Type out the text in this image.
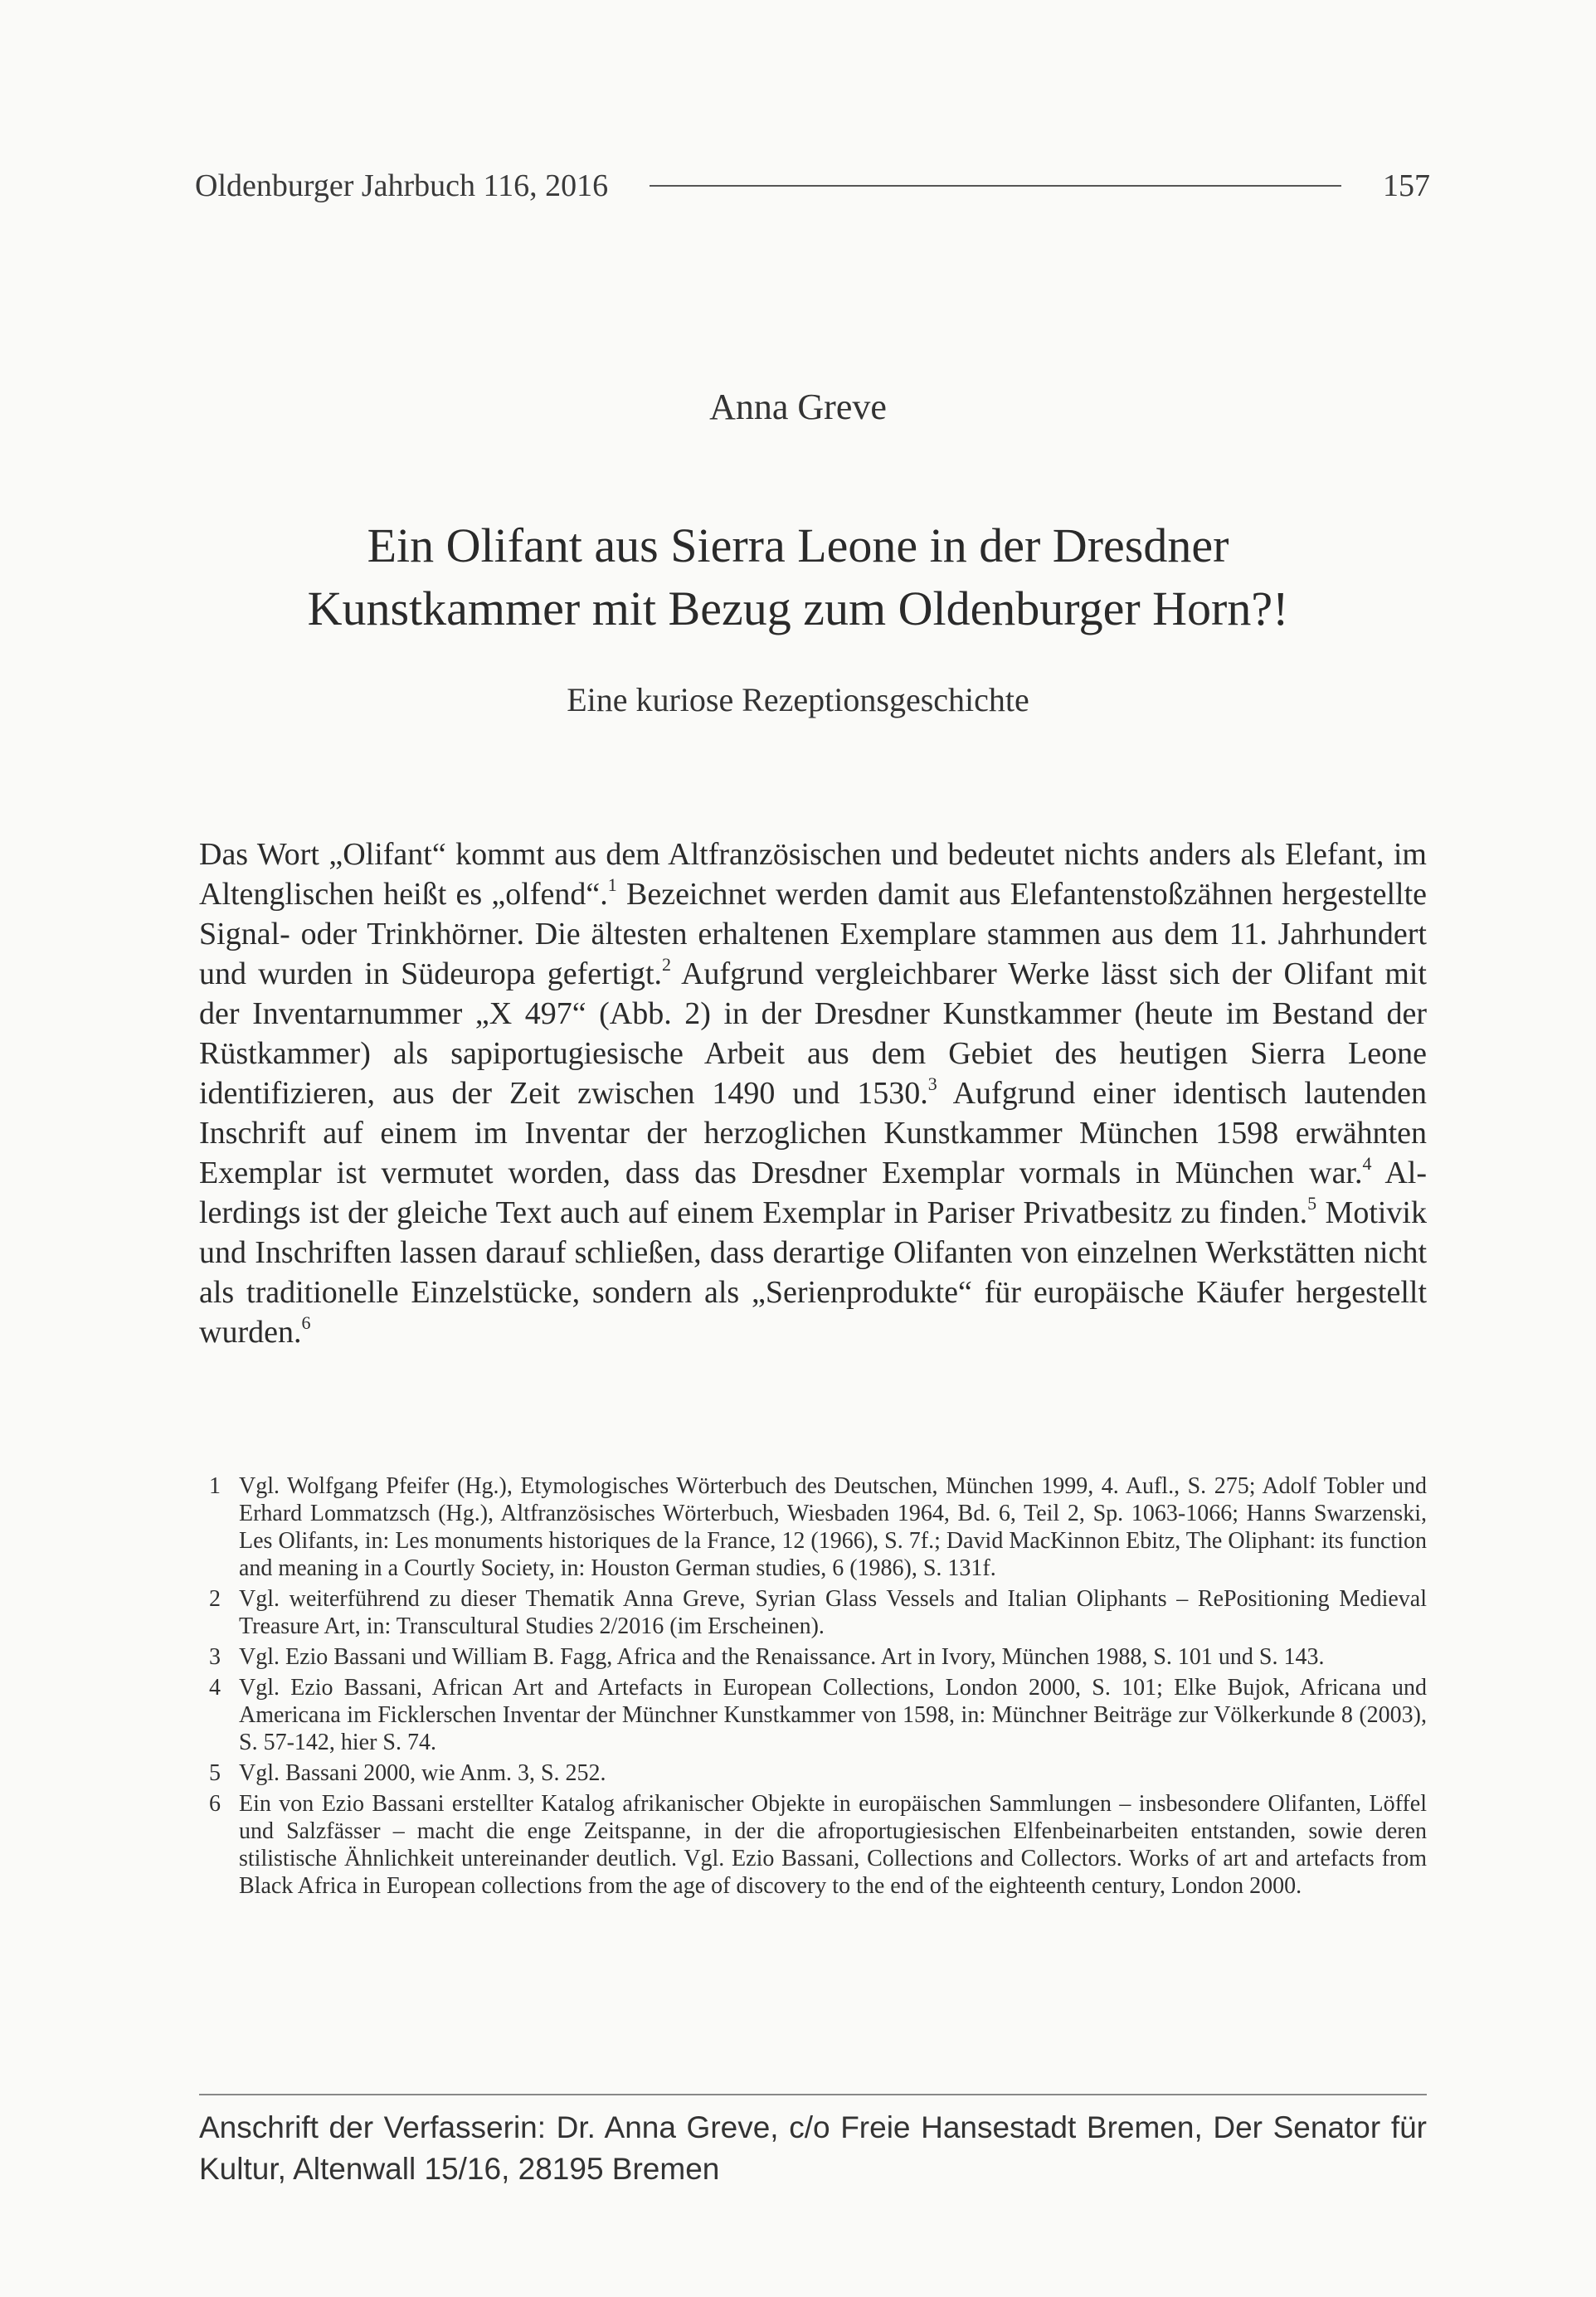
Oldenburger Jahrbuch 116, 2016	157
Anna Greve
Ein Olifant aus Sierra Leone in der Dresdner
Kunstkammer mit Bezug zum Oldenburger Horn?!
Eine kuriose Rezeptionsgeschichte

Das Wort „Olifant“ kommt aus dem Altfranzösischen und bedeutet nichts anders als Elefant, im Altenglischen heißt es „olfend“.$^1$ Bezeichnet werden damit aus Elefantenstoßzähnen hergestellte Signal- oder Trinkhörner. Die ältesten erhaltenen Exemplare stammen aus dem 11. Jahrhundert und wurden in Südeuropa gefertigt.$^2$ Aufgrund vergleichbarer Werke lässt sich der Olifant mit der Inventarnummer „X 497“ (Abb. 2) in der Dresdner Kunstkammer (heute im Bestand der Rüstkammer) als sapiportugiesische Arbeit aus dem Gebiet des heutigen Sierra Leone identifizieren, aus der Zeit zwischen 1490 und 1530.$^3$ Aufgrund einer identisch lautenden Inschrift auf einem im Inventar der herzoglichen Kunstkammer München 1598 erwähnten Exemplar ist vermutet worden, dass das Dresdner Exemplar vormals in München war.$^4$ Allerdings ist der gleiche Text auch auf einem Exemplar in Pariser Privatbesitz zu finden.$^5$ Motivik und Inschriften lassen darauf schließen, dass derartige Olifanten von einzelnen Werkstätten nicht als traditionelle Einzelstücke, sondern als „Serienprodukte“ für europäische Käufer hergestellt wurden.$^6$

1 Vgl. Wolfgang Pfeifer (Hg.), Etymologisches Wörterbuch des Deutschen, München 1999, 4. Aufl., S. 275; Adolf Tobler und Erhard Lommatzsch (Hg.), Altfranzösisches Wörterbuch, Wiesbaden 1964, Bd. 6, Teil 2, Sp. 1063-1066; Hanns Swarzenski, Les Olifants, in: Les monuments historiques de la France, 12 (1966), S. 7f.; David MacKinnon Ebitz, The Oliphant: its function and meaning in a Courtly Society, in: Houston German studies, 6 (1986), S. 131f.
2 Vgl. weiterführend zu dieser Thematik Anna Greve, Syrian Glass Vessels and Italian Oliphants – RePositioning Medieval Treasure Art, in: Transcultural Studies 2/2016 (im Erscheinen).
3 Vgl. Ezio Bassani und William B. Fagg, Africa and the Renaissance. Art in Ivory, München 1988, S. 101 und S. 143.
4 Vgl. Ezio Bassani, African Art and Artefacts in European Collections, London 2000, S. 101; Elke Bujok, Africana und Americana im Ficklerschen Inventar der Münchner Kunstkammer von 1598, in: Münchner Beiträge zur Völkerkunde 8 (2003), S. 57-142, hier S. 74.
5 Vgl. Bassani 2000, wie Anm. 3, S. 252.
6 Ein von Ezio Bassani erstellter Katalog afrikanischer Objekte in europäischen Sammlungen – insbesondere Olifanten, Löffel und Salzfässer – macht die enge Zeitspanne, in der die afroportugiesischen Elfenbeinarbeiten entstanden, sowie deren stilistische Ähnlichkeit untereinander deutlich. Vgl. Ezio Bassani, Collections and Collectors. Works of art and artefacts from Black Africa in European collections from the age of discovery to the end of the eighteenth century, London 2000.
Anschrift der Verfasserin: Dr. Anna Greve, c/o Freie Hansestadt Bremen, Der Senator für Kultur, Altenwall 15/16, 28195 Bremen
